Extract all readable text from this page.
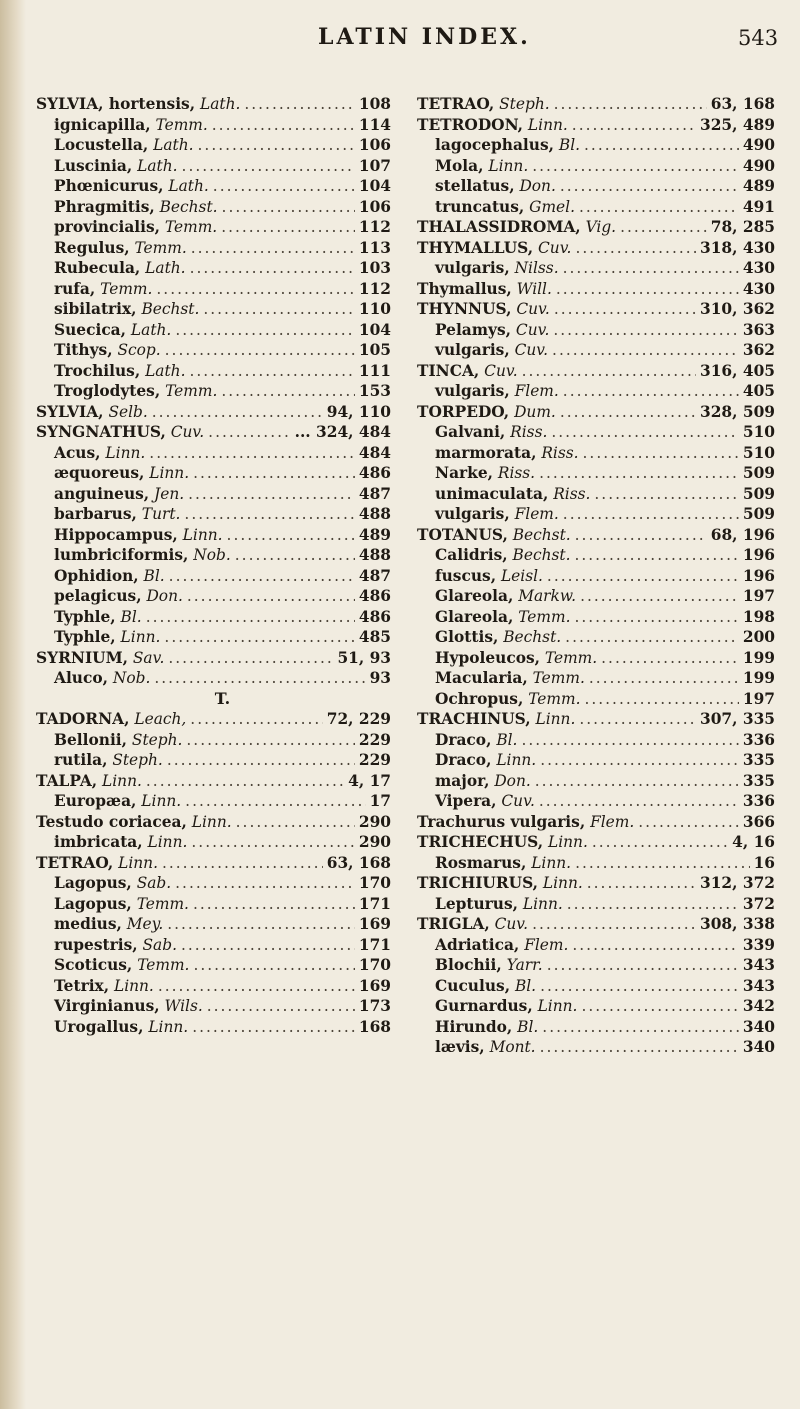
LATIN INDEX.	543
SYLVIA, hortensis, Lath. .....	108
ignicapilla, Temm. .....	114
Locustella, Lath. .....	106
Luscinia, Lath. .....	107
Phœnicurus, Lath. .....	104
Phragmitis, Bechst. .....	106
provincialis, Temm. .....	112
Regulus, Temm. .....	113
Rubecula, Lath. .....	103
rufa, Temm. .....	112
sibilatrix, Bechst. .....	110
Suecica, Lath. .....	104
Tithys, Scop. .....	105
Trochilus, Lath. .....	111
Troglodytes, Temm. .....	153
SYLVIA, Selb. .....	94, 110
SYNGNATHUS, Cuv. .....	... 324, 484
Acus, Linn. .....	484
æquoreus, Linn. .....	486
anguineus, Jen. .....	487
barbarus, Turt. .....	488
Hippocampus, Linn. .....	489
lumbriciformis, Nob. .....	488
Ophidion, Bl. .....	487
pelagicus, Don. .....	486
Typhle, Bl. .....	486
Typhle, Linn. .....	485
SYRNIUM, Sav. .....	51, 93
Aluco, Nob. .....	93
T.
TADORNA, Leach, .....	72, 229
Bellonii, Steph. .....	229
rutila, Steph. .....	229
TALPA, Linn. .....	4, 17
Europæa, Linn. .....	17
Testudo coriacea, Linn. .....	290
imbricata, Linn. .....	290
TETRAO, Linn. .....	63, 168
Lagopus, Sab. .....	170
Lagopus, Temm. .....	171
medius, Mey. .....	169
rupestris, Sab. .....	171
Scoticus, Temm. .....	170
Tetrix, Linn. .....	169
Virginianus, Wils. .....	173
Urogallus, Linn. .....	168
TETRAO, Steph. .....	63, 168
TETRODON, Linn. .....	325, 489
lagocephalus, Bl. .....	490
Mola, Linn. .....	490
stellatus, Don. .....	489
truncatus, Gmel. .....	491
THALASSIDROMA, Vig. .....	78, 285
THYMALLUS, Cuv. .....	318, 430
vulgaris, Nilss. .....	430
Thymallus, Will. .....	430
THYNNUS, Cuv. .....	310, 362
Pelamys, Cuv. .....	363
vulgaris, Cuv. .....	362
TINCA, Cuv. .....	316, 405
vulgaris, Flem. .....	405
TORPEDO, Dum. .....	328, 509
Galvani, Riss. .....	510
marmorata, Riss. .....	510
Narke, Riss. .....	509
unimaculata, Riss. .....	509
vulgaris, Flem. .....	509
TOTANUS, Bechst. .....	68, 196
Calidris, Bechst. .....	196
fuscus, Leisl. .....	196
Glareola, Markw. .....	197
Glareola, Temm. .....	198
Glottis, Bechst. .....	200
Hypoleucos, Temm. .....	199
Macularia, Temm. .....	199
Ochropus, Temm. .....	197
TRACHINUS, Linn. .....	307, 335
Draco, Bl. .....	336
Draco, Linn. .....	335
major, Don. .....	335
Vipera, Cuv. .....	336
Trachurus vulgaris, Flem. .....	366
TRICHECHUS, Linn. .....	4, 16
Rosmarus, Linn. .....	16
TRICHIURUS, Linn. .....	312, 372
Lepturus, Linn. .....	372
TRIGLA, Cuv. .....	308, 338
Adriatica, Flem. .....	339
Blochii, Yarr. .....	343
Cuculus, Bl. .....	343
Gurnardus, Linn. .....	342
Hirundo, Bl. .....	340
lævis, Mont. .....	340
